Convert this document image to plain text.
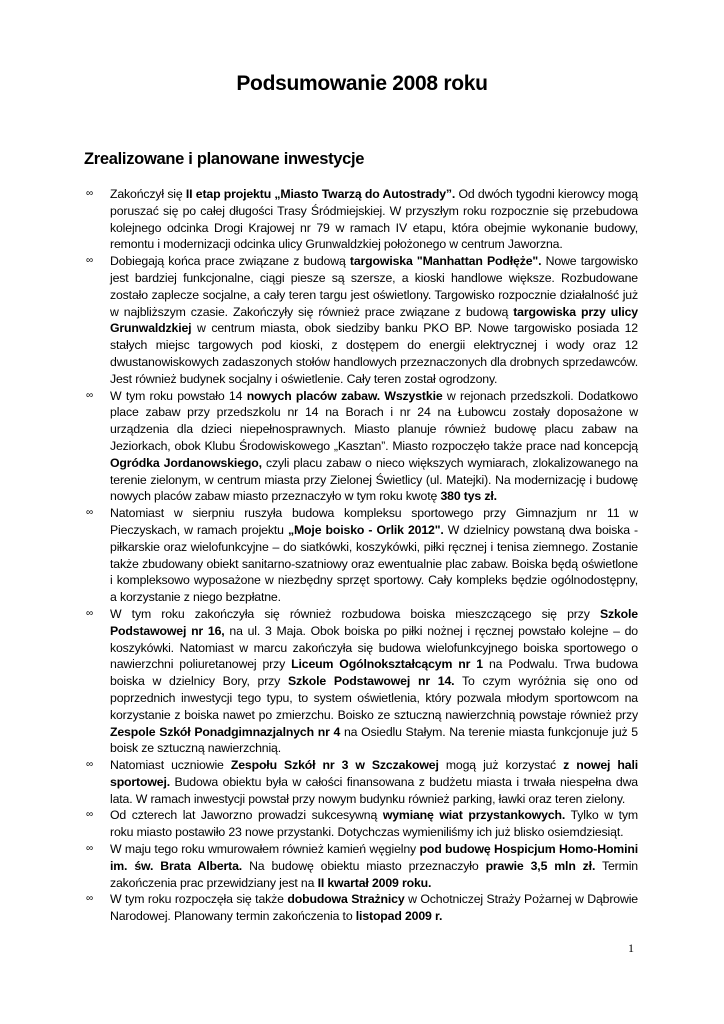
Podsumowanie 2008 roku
Zrealizowane i planowane inwestycje
∞	Zakończył się II etap projektu „Miasto Twarzą do Autostrady”. Od dwóch tygodni kierowcy mogą poruszać się po całej długości Trasy Śródmiejskiej. W przyszłym roku rozpocznie się przebudowa kolejnego odcinka Drogi Krajowej nr 79 w ramach IV etapu, która obejmie wykonanie budowy, remontu i modernizacji odcinka ulicy Grunwaldzkiej położonego w centrum Jaworzna.
∞	Dobiegają końca prace związane z budową targowiska "Manhattan Podłęże". Nowe targowisko jest bardziej funkcjonalne, ciągi piesze są szersze, a kioski handlowe większe. Rozbudowane zostało zaplecze socjalne, a cały teren targu jest oświetlony. Targowisko rozpocznie działalność już w najbliższym czasie. Zakończyły się również prace związane z budową targowiska przy ulicy Grunwaldzkiej w centrum miasta, obok siedziby banku PKO BP. Nowe targowisko posiada 12 stałych miejsc targowych pod kioski, z dostępem do energii elektrycznej i wody oraz 12 dwustanowiskowych zadaszonych stołów handlowych przeznaczonych dla drobnych sprzedawców. Jest również budynek socjalny i oświetlenie. Cały teren został ogrodzony.
∞	W tym roku powstało 14 nowych placów zabaw. Wszystkie w rejonach przedszkoli. Dodatkowo place zabaw przy przedszkolu nr 14 na Borach i nr 24 na Łubowcu zostały doposażone w urządzenia dla dzieci niepełnosprawnych. Miasto planuje również budowę placu zabaw na Jeziorkach, obok Klubu Środowiskowego „Kasztan”. Miasto rozpoczęło także prace nad koncepcją Ogródka Jordanowskiego, czyli placu zabaw o nieco większych wymiarach, zlokalizowanego na terenie zielonym, w centrum miasta przy Zielonej Świetlicy (ul. Matejki). Na modernizację i budowę nowych placów zabaw miasto przeznaczyło w tym roku kwotę 380 tys zł.
∞	Natomiast w sierpniu ruszyła budowa kompleksu sportowego przy Gimnazjum nr 11 w Pieczyskach, w ramach projektu „Moje boisko - Orlik 2012". W dzielnicy powstaną dwa boiska - piłkarskie oraz wielofunkcyjne – do siatkówki, koszykówki, piłki ręcznej i tenisa ziemnego. Zostanie także zbudowany obiekt sanitarno-szatniowy oraz ewentualnie plac zabaw. Boiska będą oświetlone i kompleksowo wyposażone w niezbędny sprzęt sportowy. Cały kompleks będzie ogólnodostępny, a korzystanie z niego bezpłatne.
∞	W tym roku zakończyła się również rozbudowa boiska mieszczącego się przy Szkole Podstawowej nr 16, na ul. 3 Maja. Obok boiska po piłki nożnej i ręcznej powstało kolejne – do koszykówki. Natomiast w marcu zakończyła się budowa wielofunkcyjnego boiska sportowego o nawierzchni poliuretanowej przy Liceum Ogólnokształcącym nr 1 na Podwalu. Trwa budowa boiska w dzielnicy Bory, przy Szkole Podstawowej nr 14. To czym wyróżnia się ono od poprzednich inwestycji tego typu, to system oświetlenia, który pozwala młodym sportowcom na korzystanie z boiska nawet po zmierzchu. Boisko ze sztuczną nawierzchnią powstaje również przy Zespole Szkół Ponadgimnazjalnych nr 4 na Osiedlu Stałym. Na terenie miasta funkcjonuje już 5 boisk ze sztuczną nawierzchnią.
∞	Natomiast uczniowie Zespołu Szkół nr 3 w Szczakowej mogą już korzystać z nowej hali sportowej. Budowa obiektu była w całości finansowana z budżetu miasta i trwała niespełna dwa lata. W ramach inwestycji powstał przy nowym budynku również parking, ławki oraz teren zielony.
∞	Od czterech lat Jaworzno prowadzi sukcesywną wymianę wiat przystankowych. Tylko w tym roku miasto postawiło 23 nowe przystanki. Dotychczas wymieniliśmy ich już blisko osiemdziesiąt.
∞	W maju tego roku wmurowałem również kamień węgielny pod budowę Hospicjum Homo-Homini im. św. Brata Alberta. Na budowę obiektu miasto przeznaczyło prawie 3,5 mln zł. Termin zakończenia prac przewidziany jest na II kwartał 2009 roku.
∞	W tym roku rozpoczęła się także dobudowa Strażnicy w Ochotniczej Straży Pożarnej w Dąbrowie Narodowej. Planowany termin zakończenia to listopad 2009 r.
1
